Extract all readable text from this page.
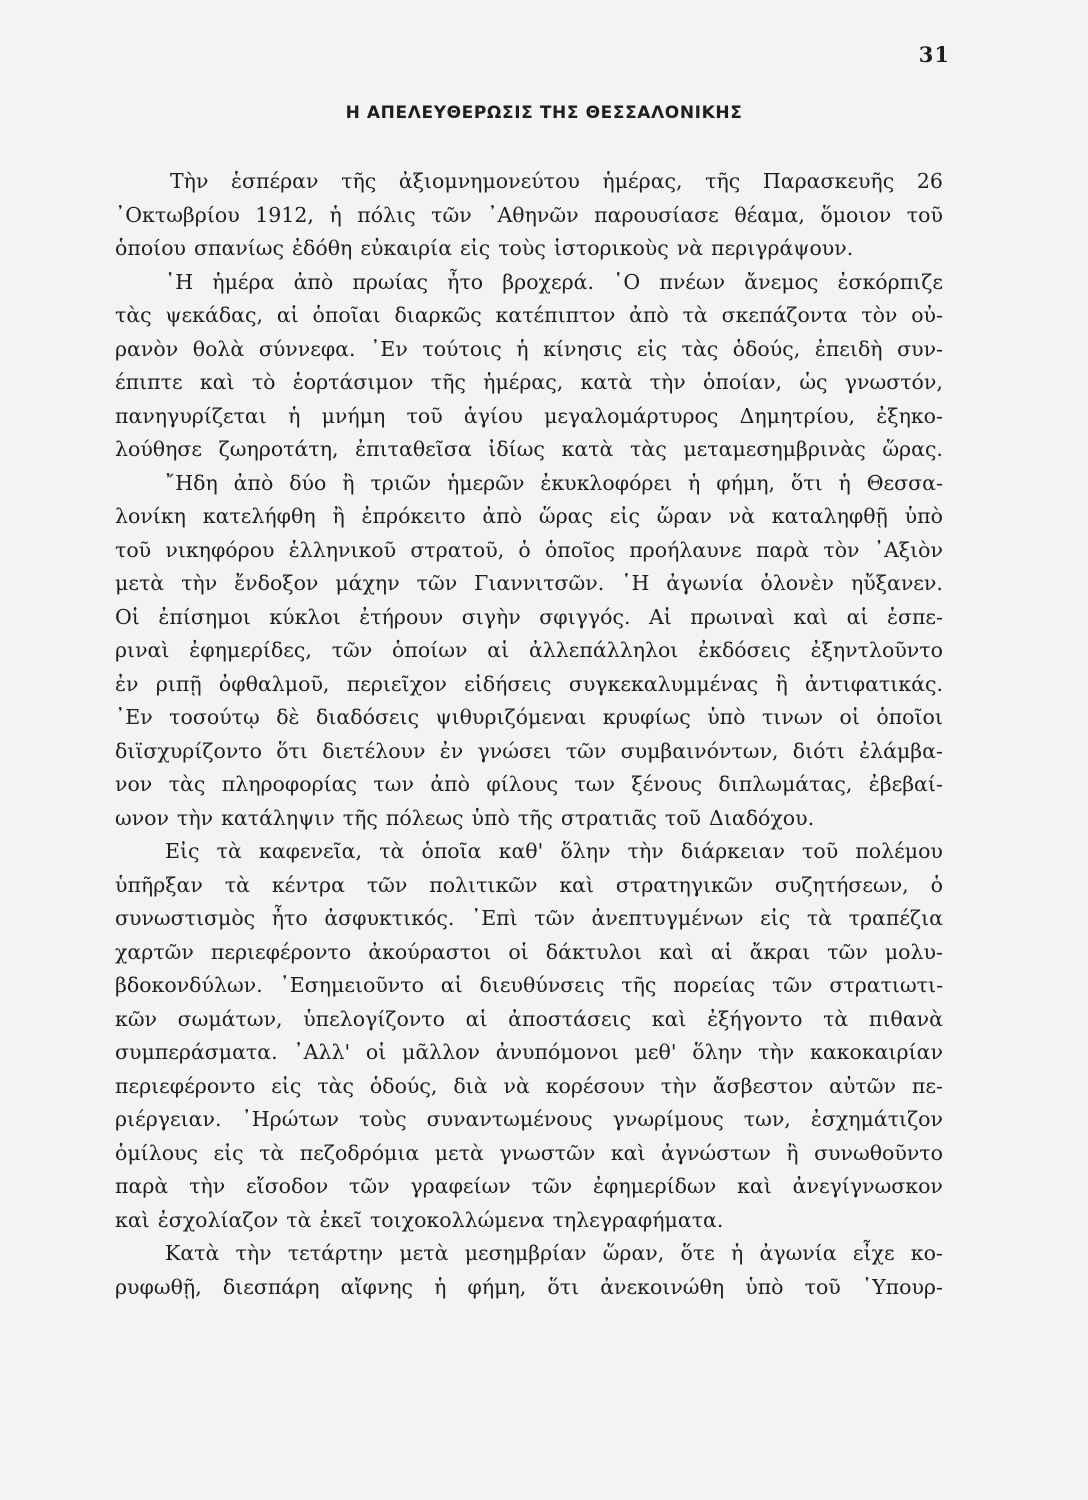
31
Η ΑΠΕΛΕΥΘΕΡΩΣΙΣ ΤΗΣ ΘΕΣΣΑΛΟΝΙΚΗΣ
Τὴν ἑσπέραν τῆς ἀξιομνημονεύτου ἡμέρας, τῆς Παρασκευῆς 26
᾿Οκτωβρίου 1912, ἡ πόλις τῶν ᾿Αθηνῶν παρουσίασε θέαμα, ὅμοιον τοῦ
ὁποίου σπανίως ἐδόθη εὐκαιρία εἰς τοὺς ἱστορικοὺς νὰ περιγράψουν.
῾Η ἡμέρα ἀπὸ πρωίας ἦτο βροχερά. ῾Ο πνέων ἄνεμος ἐσκόρπιζε
τὰς ψεκάδας, αἱ ὁποῖαι διαρκῶς κατέπιπτον ἀπὸ τὰ σκεπάζοντα τὸν οὐ-
ρανὸν θολὰ σύννεφα. ᾿Εν τούτοις ἡ κίνησις εἰς τὰς ὁδούς, ἐπειδὴ συν-
έπιπτε καὶ τὸ ἑορτάσιμον τῆς ἡμέρας, κατὰ τὴν ὁποίαν, ὡς γνωστόν,
πανηγυρίζεται ἡ μνήμη τοῦ ἁγίου μεγαλομάρτυρος Δημητρίου, ἐξηκο-
λούθησε ζωηροτάτη, ἐπιταθεῖσα ἰδίως κατὰ τὰς μεταμεσημβρινὰς ὥρας.
῎Ηδη ἀπὸ δύο ἢ τριῶν ἡμερῶν ἐκυκλοφόρει ἡ φήμη, ὅτι ἡ Θεσσα-
λονίκη κατελήφθη ἢ ἐπρόκειτο ἀπὸ ὥρας εἰς ὥραν νὰ καταληφθῇ ὑπὸ
τοῦ νικηφόρου ἑλληνικοῦ στρατοῦ, ὁ ὁποῖος προήλαυνε παρὰ τὸν ᾿Αξιὸν
μετὰ τὴν ἔνδοξον μάχην τῶν Γιαννιτσῶν. ῾Η ἀγωνία ὁλονὲν ηὔξανεν.
Οἱ ἐπίσημοι κύκλοι ἐτήρουν σιγὴν σφιγγός. Αἱ πρωιναὶ καὶ αἱ ἑσπε-
ριναὶ ἐφημερίδες, τῶν ὁποίων αἱ ἀλλεπάλληλοι ἐκδόσεις ἐξηντλοῦντο
ἐν ριπῇ ὀφθαλμοῦ, περιεῖχον εἰδήσεις συγκεκαλυμμένας ἢ ἀντιφατικάς.
᾿Εν τοσούτῳ δὲ διαδόσεις ψιθυριζόμεναι κρυφίως ὑπὸ τινων οἱ ὁποῖοι
διϊσχυρίζοντο ὅτι διετέλουν ἐν γνώσει τῶν συμβαινόντων, διότι ἐλάμβα-
νον τὰς πληροφορίας των ἀπὸ φίλους των ξένους διπλωμάτας, ἐβεβαί-
ωνον τὴν κατάληψιν τῆς πόλεως ὑπὸ τῆς στρατιᾶς τοῦ Διαδόχου.
Εἰς τὰ καφενεῖα, τὰ ὁποῖα καθ' ὅλην τὴν διάρκειαν τοῦ πολέμου
ὑπῆρξαν τὰ κέντρα τῶν πολιτικῶν καὶ στρατηγικῶν συζητήσεων, ὁ
συνωστισμὸς ἦτο ἀσφυκτικός. ᾿Επὶ τῶν ἀνεπτυγμένων εἰς τὰ τραπέζια
χαρτῶν περιεφέροντο ἀκούραστοι οἱ δάκτυλοι καὶ αἱ ἄκραι τῶν μολυ-
βδοκονδύλων. ᾿Εσημειοῦντο αἱ διευθύνσεις τῆς πορείας τῶν στρατιωτι-
κῶν σωμάτων, ὑπελογίζοντο αἱ ἀποστάσεις καὶ ἐξήγοντο τὰ πιθανὰ
συμπεράσματα. ᾿Αλλ' οἱ μᾶλλον ἀνυπόμονοι μεθ' ὅλην τὴν κακοκαιρίαν
περιεφέροντο εἰς τὰς ὁδούς, διὰ νὰ κορέσουν τὴν ἄσβεστον αὐτῶν πε-
ριέργειαν. ᾿Ηρώτων τοὺς συναντωμένους γνωρίμους των, ἐσχημάτιζον
ὁμίλους εἰς τὰ πεζοδρόμια μετὰ γνωστῶν καὶ ἀγνώστων ἢ συνωθοῦντο
παρὰ τὴν εἴσοδον τῶν γραφείων τῶν ἐφημερίδων καὶ ἀνεγίγνωσκον
καὶ ἐσχολίαζον τὰ ἐκεῖ τοιχοκολλώμενα τηλεγραφήματα.
Κατὰ τὴν τετάρτην μετὰ μεσημβρίαν ὥραν, ὅτε ἡ ἀγωνία εἶχε κο-
ρυφωθῇ, διεσπάρη αἴφνης ἡ φήμη, ὅτι ἀνεκοινώθη ὑπὸ τοῦ ῾Υπουρ-
